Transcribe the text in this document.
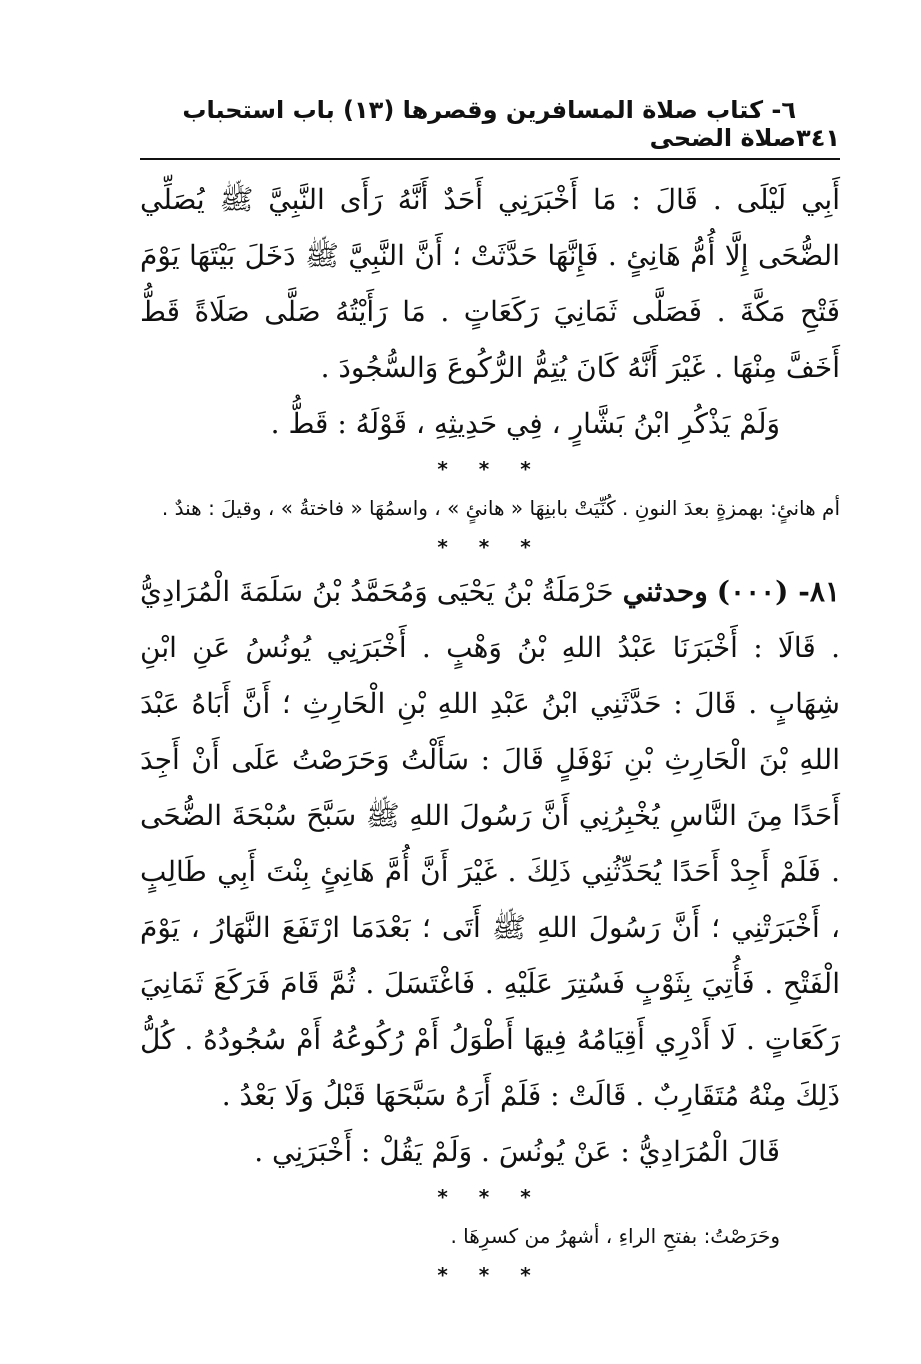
٦- كتاب صلاة المسافرين وقصرها (١٣) باب استحباب صلاة الضحى ٣٤١

أَبِي لَيْلَى . قَالَ : مَا أَخْبَرَنِي أَحَدٌ أَنَّهُ رَأَى النَّبِيَّ ﷺ يُصَلِّي الضُّحَى إِلَّا أُمُّ هَانِئٍ . فَإِنَّهَا حَدَّثَتْ ؛ أَنَّ النَّبِيَّ ﷺ دَخَلَ بَيْتَهَا يَوْمَ فَتْحِ مَكَّةَ . فَصَلَّى ثَمَانِيَ رَكَعَاتٍ . مَا رَأَيْتُهُ صَلَّى صَلَاةً قَطُّ أَخَفَّ مِنْهَا . غَيْرَ أَنَّهُ كَانَ يُتِمُّ الرُّكُوعَ وَالسُّجُودَ .

وَلَمْ يَذْكُرِ ابْنُ بَشَّارٍ ، فِي حَدِيثِهِ ، قَوْلَهُ : قَطُّ .

* * *

أم هانئٍ: بهمزةٍ بعدَ النونِ . كُنِّيَتْ بابنِهَا « هانئٍ » ، واسمُهَا « فاختةُ » ، وقيلَ : هندٌ .

* * *

٨١- (٠٠٠) وحدثني حَرْمَلَةُ بْنُ يَحْيَى وَمُحَمَّدُ بْنُ سَلَمَةَ الْمُرَادِيُّ . قَالَا : أَخْبَرَنَا عَبْدُ اللهِ بْنُ وَهْبٍ . أَخْبَرَنِي يُونُسُ عَنِ ابْنِ شِهَابٍ . قَالَ : حَدَّثَنِي ابْنُ عَبْدِ اللهِ بْنِ الْحَارِثِ ؛ أَنَّ أَبَاهُ عَبْدَ اللهِ بْنَ الْحَارِثِ بْنِ نَوْفَلٍ قَالَ : سَأَلْتُ وَحَرَصْتُ عَلَى أَنْ أَجِدَ أَحَدًا مِنَ النَّاسِ يُخْبِرُنِي أَنَّ رَسُولَ اللهِ ﷺ سَبَّحَ سُبْحَةَ الضُّحَى . فَلَمْ أَجِدْ أَحَدًا يُحَدِّثُنِي ذَلِكَ . غَيْرَ أَنَّ أُمَّ هَانِئٍ بِنْتَ أَبِي طَالِبٍ ، أَخْبَرَتْنِي ؛ أَنَّ رَسُولَ اللهِ ﷺ أَتَى ؛ بَعْدَمَا ارْتَفَعَ النَّهَارُ ، يَوْمَ الْفَتْحِ . فَأُتِيَ بِثَوْبٍ فَسُتِرَ عَلَيْهِ . فَاغْتَسَلَ . ثُمَّ قَامَ فَرَكَعَ ثَمَانِيَ رَكَعَاتٍ . لَا أَدْرِي أَقِيَامُهُ فِيهَا أَطْوَلُ أَمْ رُكُوعُهُ أَمْ سُجُودُهُ . كُلُّ ذَلِكَ مِنْهُ مُتَقَارِبٌ . قَالَتْ : فَلَمْ أَرَهُ سَبَّحَهَا قَبْلُ وَلَا بَعْدُ .

قَالَ الْمُرَادِيُّ : عَنْ يُونُسَ . وَلَمْ يَقُلْ : أَخْبَرَنِي .

* * *

وحَرَصْتُ: بفتحِ الراءِ ، أشهرُ من كسرِهَا .

* * *
